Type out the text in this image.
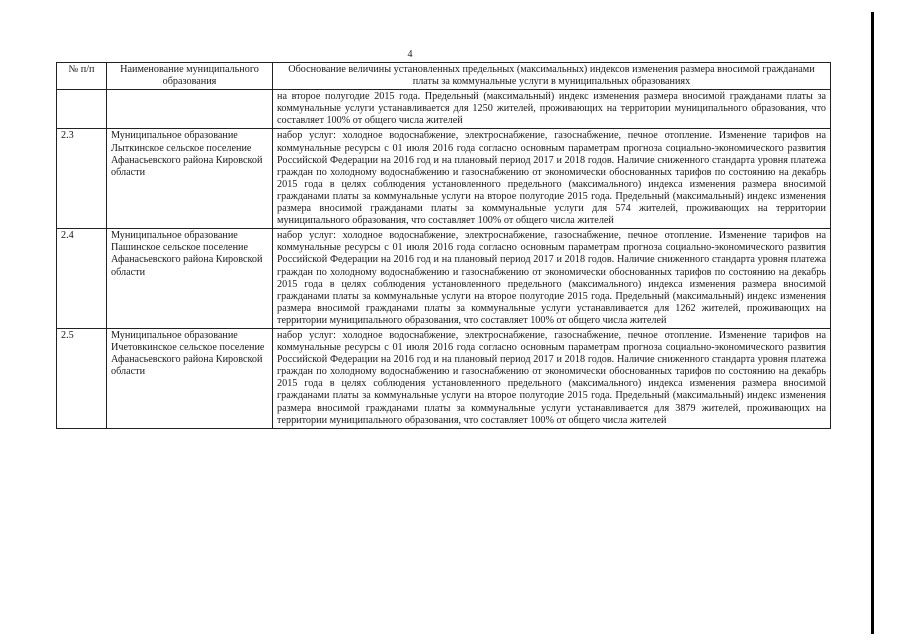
4
№ п/п	Наименование муниципального образования	Обоснование величины установленных предельных (максимальных) индексов изменения размера вносимой гражданами платы за коммунальные услуги в муниципальных образованиях
		на второе полугодие 2015 года. Предельный (максимальный) индекс изменения размера вносимой гражданами платы за коммунальные услуги устанавливается для 1250 жителей, проживающих на территории муниципального образования, что составляет 100% от общего числа жителей
2.3	Муниципальное образование Лыткинское сельское поселение Афанасьевского района Кировской области	набор услуг: холодное водоснабжение, электроснабжение, газоснабжение, печное отопление. Изменение тарифов на коммунальные ресурсы с 01 июля 2016 года согласно основным параметрам прогноза социально-экономического развития Российской Федерации на 2016 год и на плановый период 2017 и 2018 годов. Наличие сниженного стандарта уровня платежа граждан по холодному водоснабжению и газоснабжению от экономически обоснованных тарифов по состоянию на декабрь 2015 года в целях соблюдения установленного предельного (максимального) индекса изменения размера вносимой гражданами платы за коммунальные услуги на второе полугодие 2015 года. Предельный (максимальный) индекс изменения размера вносимой гражданами платы за коммунальные услуги для 574 жителей, проживающих на территории муниципального образования, что составляет 100% от общего числа жителей
2.4	Муниципальное образование Пашинское сельское поселение Афанасьевского района Кировской области	набор услуг: холодное водоснабжение, электроснабжение, газоснабжение, печное отопление. Изменение тарифов на коммунальные ресурсы с 01 июля 2016 года согласно основным параметрам прогноза социально-экономического развития Российской Федерации на 2016 год и на плановый период 2017 и 2018 годов. Наличие сниженного стандарта уровня платежа граждан по холодному водоснабжению и газоснабжению от экономически обоснованных тарифов по состоянию на декабрь 2015 года в целях соблюдения установленного предельного (максимального) индекса изменения размера вносимой гражданами платы за коммунальные услуги на второе полугодие 2015 года. Предельный (максимальный) индекс изменения размера вносимой гражданами платы за коммунальные услуги устанавливается для 1262 жителей, проживающих на территории муниципального образования, что составляет 100% от общего числа жителей
2.5	Муниципальное образование Ичетовкинское сельское поселение Афанасьевского района Кировской области	набор услуг: холодное водоснабжение, электроснабжение, газоснабжение, печное отопление. Изменение тарифов на коммунальные ресурсы с 01 июля 2016 года согласно основным параметрам прогноза социально-экономического развития Российской Федерации на 2016 год и на плановый период 2017 и 2018 годов. Наличие сниженного стандарта уровня платежа граждан по холодному водоснабжению и газоснабжению от экономически обоснованных тарифов по состоянию на декабрь 2015 года в целях соблюдения установленного предельного (максимального) индекса изменения размера вносимой гражданами платы за коммунальные услуги на второе полугодие 2015 года. Предельный (максимальный) индекс изменения размера вносимой гражданами платы за коммунальные услуги устанавливается для 3879 жителей, проживающих на территории муниципального образования, что составляет 100% от общего числа жителей
